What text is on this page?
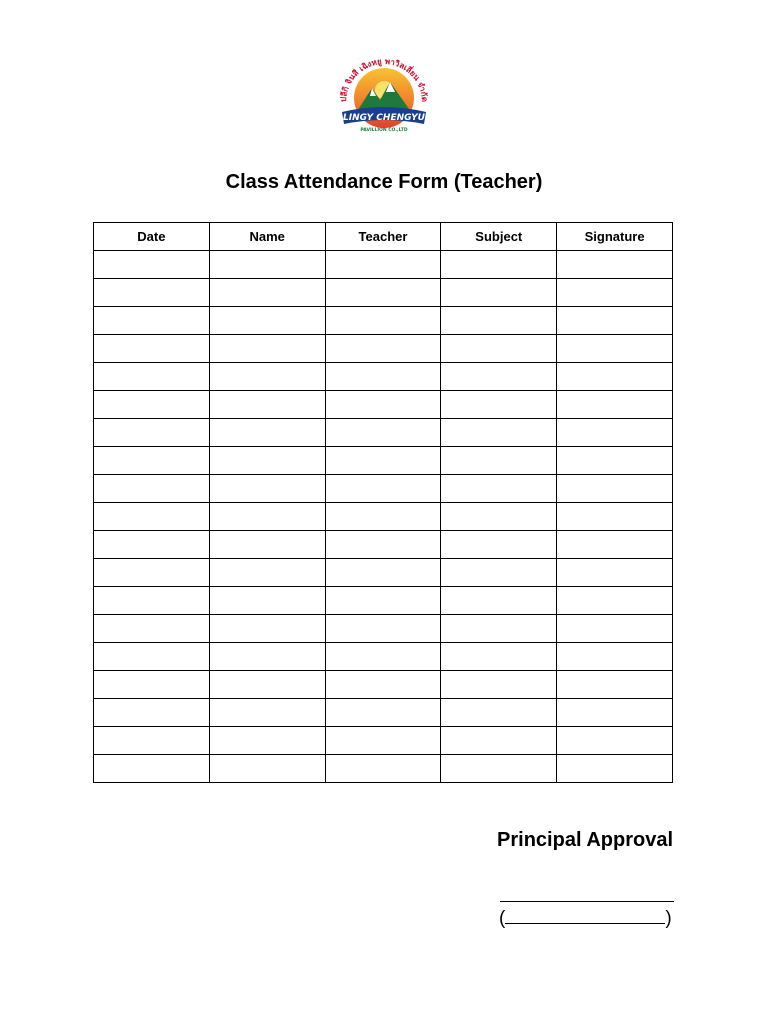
LINGY CHENGYU
PAVILLION CO.,LTD
ปลีกิ จินสี เฉิงหยู พาวิลเลี่ยน จำกัด
Class Attendance Form (Teacher)
Date	Name	Teacher	Subject	Signature

Principal Approval
(	)
